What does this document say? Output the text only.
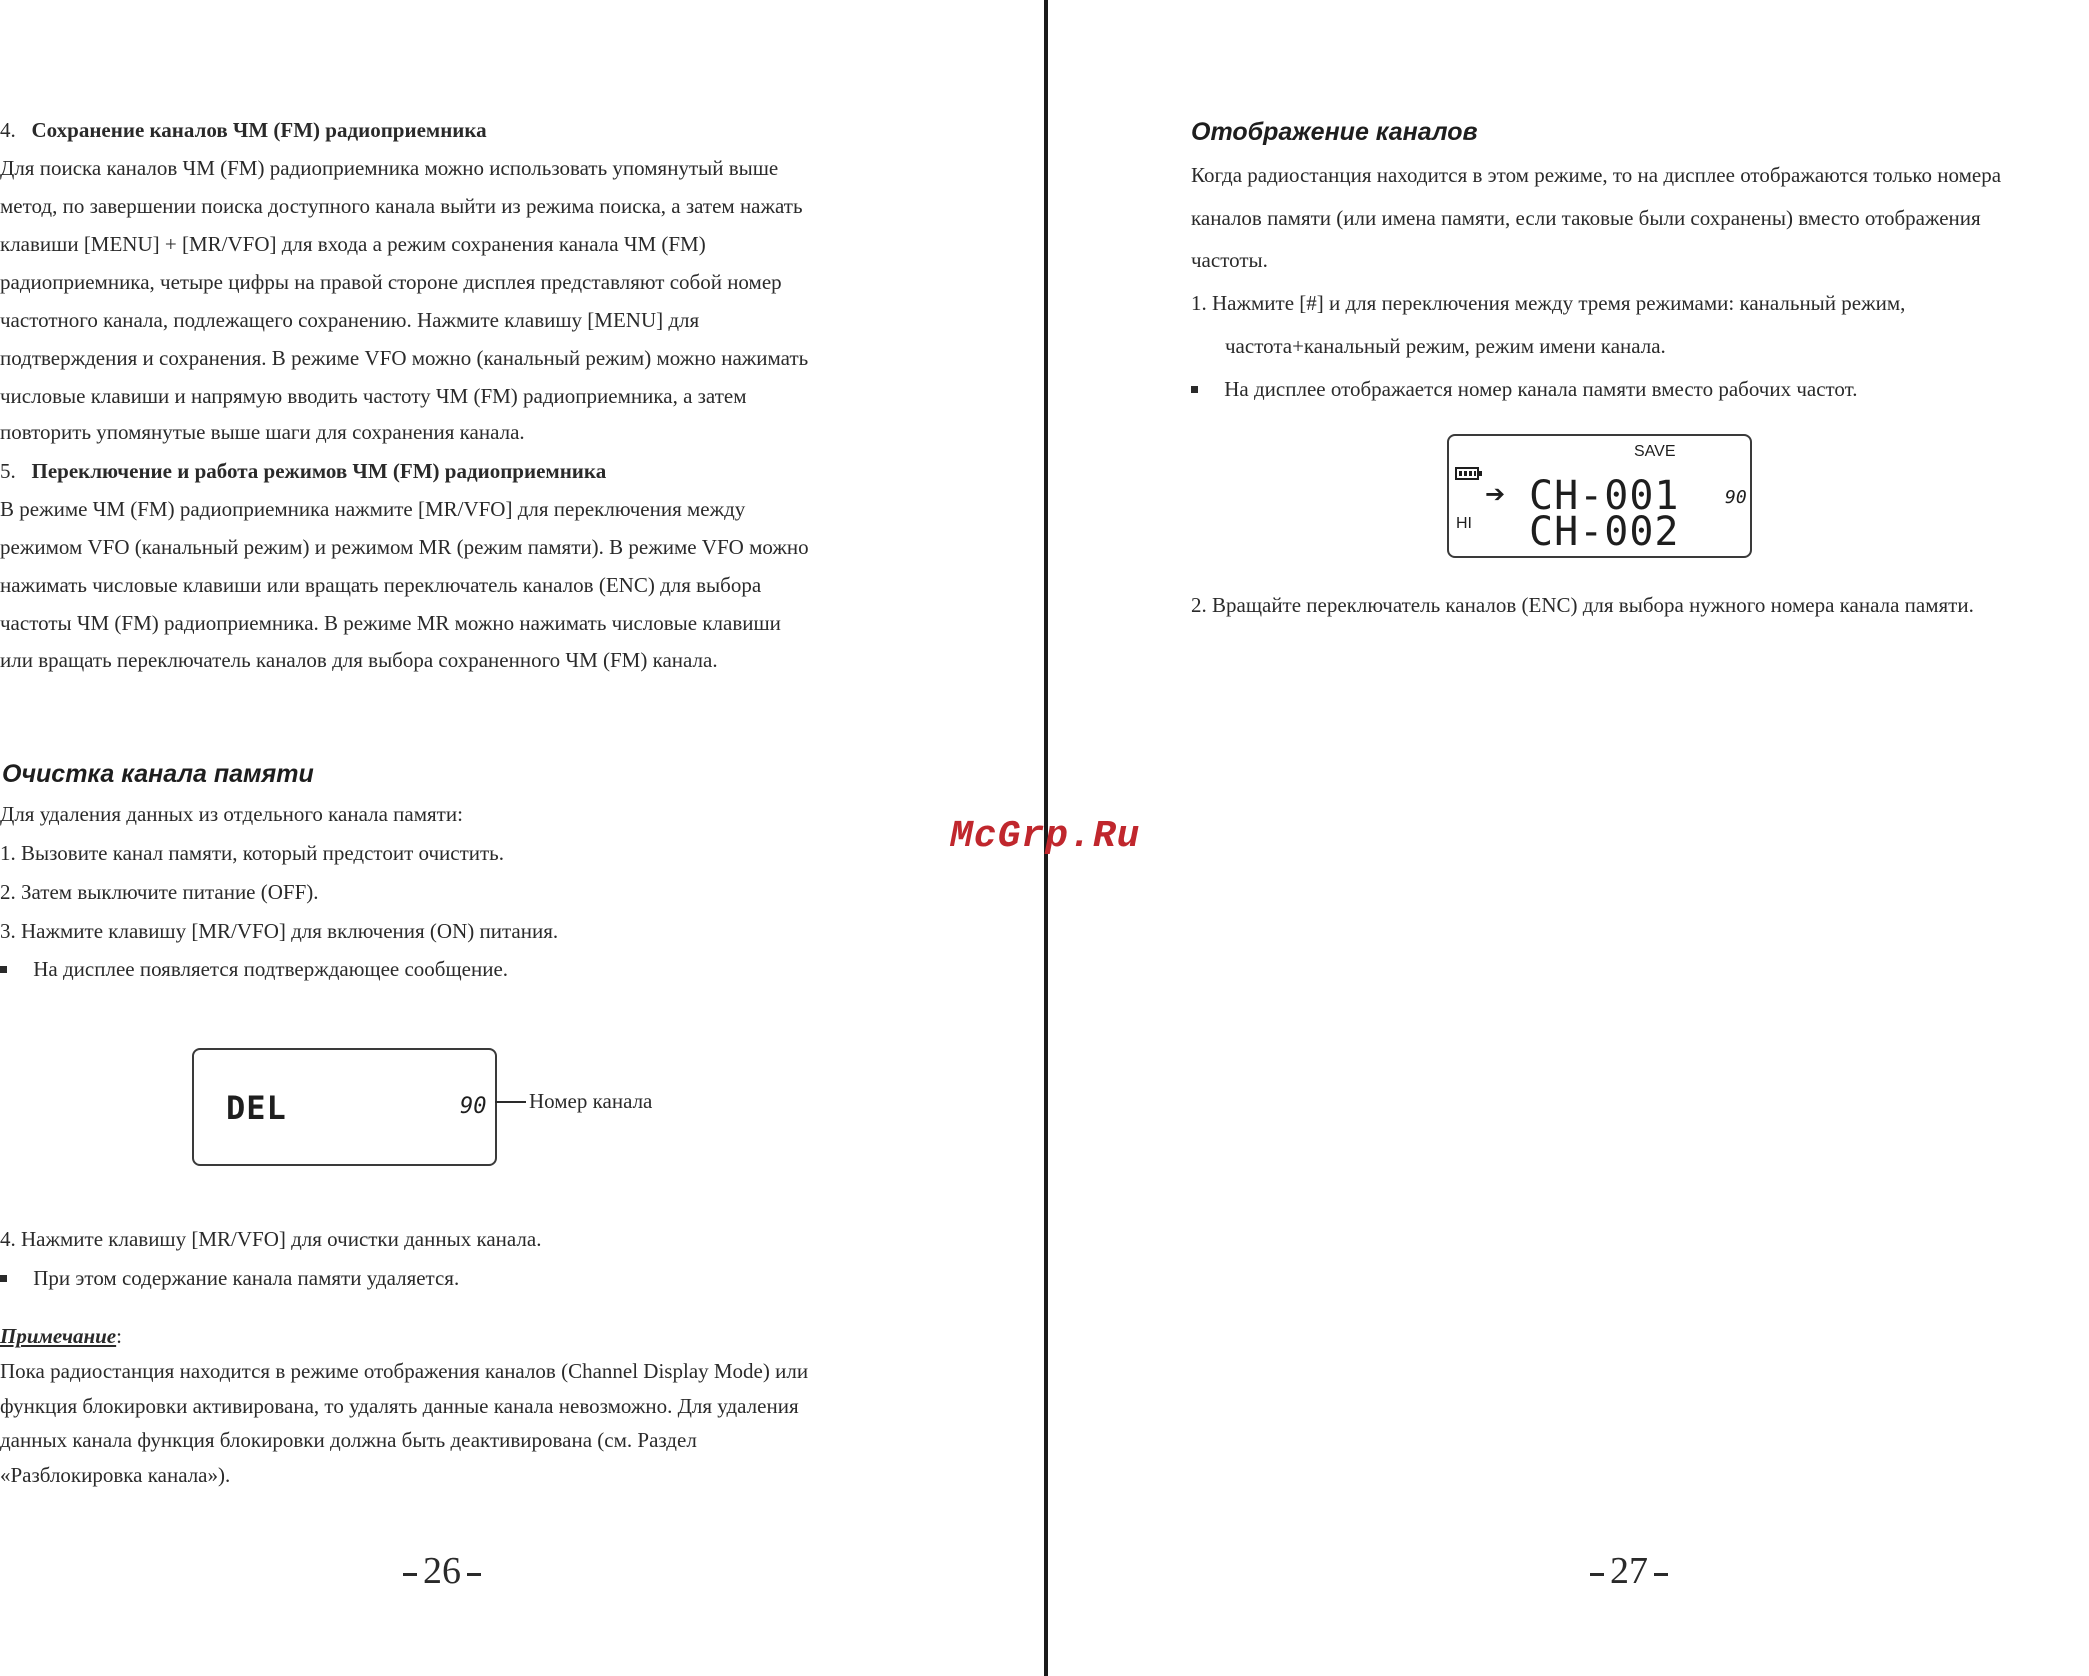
4. Сохранение каналов ЧМ (FM) радиоприемника
Для поиска каналов ЧМ (FM) радиоприемника можно использовать упомянутый выше
метод, по завершении поиска доступного канала выйти из режима поиска, а затем нажать
клавиши [MENU] + [MR/VFO] для входа а режим сохранения канала ЧМ (FM)
радиоприемника, четыре цифры на правой стороне дисплея представляют собой номер
частотного канала, подлежащего сохранению. Нажмите клавишу [MENU] для
подтверждения и сохранения. В режиме VFO можно (канальный режим) можно нажимать
числовые клавиши и напрямую вводить частоту ЧМ (FM) радиоприемника, а затем
повторить упомянутые выше шаги для сохранения канала.
5. Переключение и работа режимов ЧМ (FM) радиоприемника
В режиме ЧМ (FM) радиоприемника нажмите [MR/VFO] для переключения между
режимом VFO (канальный режим) и режимом MR (режим памяти). В режиме VFO можно
нажимать числовые клавиши или вращать переключатель каналов (ENC) для выбора
частоты ЧМ (FM) радиоприемника. В режиме MR можно нажимать числовые клавиши
или вращать переключатель каналов для выбора сохраненного ЧМ (FM) канала.
Очистка канала памяти
Для удаления данных из отдельного канала памяти:
1. Вызовите канал памяти, который предстоит очистить.
2. Затем выключите питание (OFF).
3. Нажмите клавишу [MR/VFO] для включения (ON) питания.
На дисплее появляется подтверждающее сообщение.
DEL	90 Номер канала
4. Нажмите клавишу [MR/VFO] для очистки данных канала.
При этом содержание канала памяти удаляется.
Примечание:
Пока радиостанция находится в режиме отображения каналов (Channel Display Mode) или
функция блокировки активирована, то удалять данные канала невозможно. Для удаления
данных канала функция блокировки должна быть деактивирована (см. Раздел
«Разблокировка канала»).
26
Отображение каналов
Когда радиостанция находится в этом режиме, то на дисплее отображаются только номера
каналов памяти (или имена памяти, если таковые были сохранены) вместо отображения
частоты.
1. Нажмите [#] и для переключения между тремя режимами: канальный режим,
частота+канальный режим, режим имени канала.
На дисплее отображается номер канала памяти вместо рабочих частот.
SAVE
HI
➔ CH-001
CH-002
90
2. Вращайте переключатель каналов (ENC) для выбора нужного номера канала памяти.
27
McGrp.Ru
